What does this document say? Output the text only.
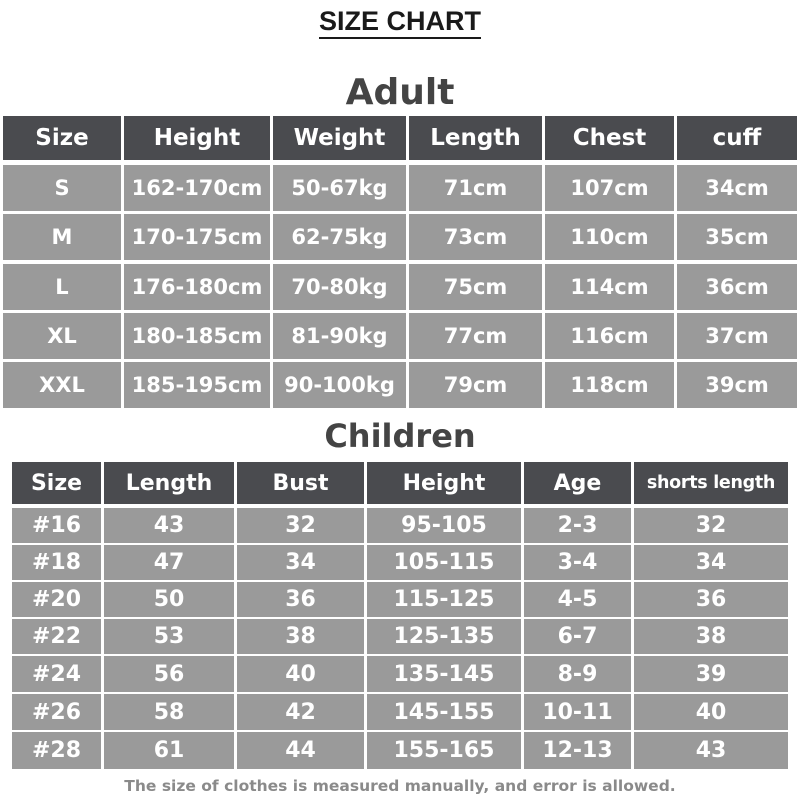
SIZE CHART
Adult
Size	Height	Weight	Length	Chest	cuff
S	162-170cm	50-67kg	71cm	107cm	34cm
M	170-175cm	62-75kg	73cm	110cm	35cm
L	176-180cm	70-80kg	75cm	114cm	36cm
XL	180-185cm	81-90kg	77cm	116cm	37cm
XXL	185-195cm	90-100kg	79cm	118cm	39cm
Children
Size	Length	Bust	Height	Age	shorts length
#16	43	32	95-105	2-3	32
#18	47	34	105-115	3-4	34
#20	50	36	115-125	4-5	36
#22	53	38	125-135	6-7	38
#24	56	40	135-145	8-9	39
#26	58	42	145-155	10-11	40
#28	61	44	155-165	12-13	43
The size of clothes is measured manually, and error is allowed.
